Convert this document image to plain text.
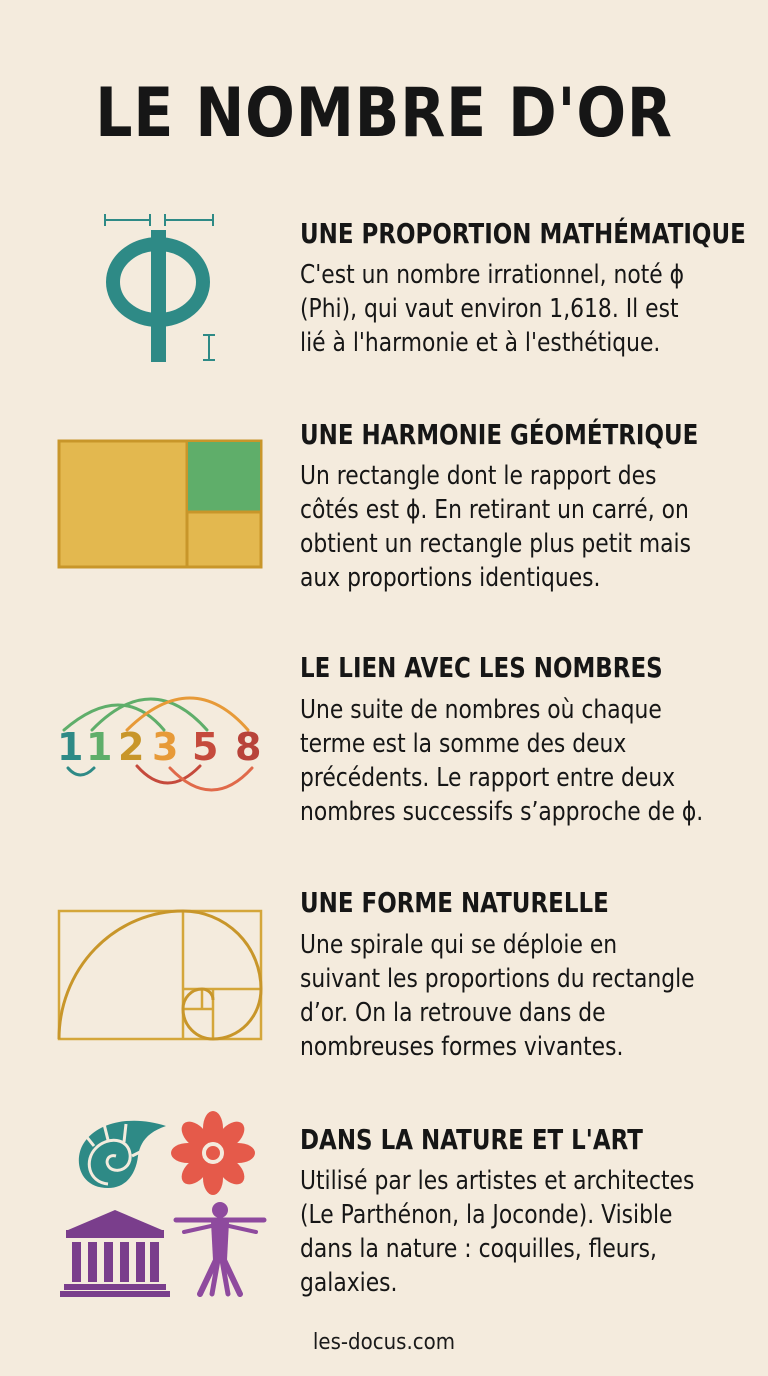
LE NOMBRE D'OR
UNE PROPORTION MATHÉMATIQUE
C'est un nombre irrationnel, noté ϕ
(Phi), qui vaut environ 1,618. Il est
lié à l'harmonie et à l'esthétique.
UNE HARMONIE GÉOMÉTRIQUE
Un rectangle dont le rapport des
côtés est ϕ. En retirant un carré, on
obtient un rectangle plus petit mais
aux proportions identiques.
1 1 2 3 5 8
LE LIEN AVEC LES NOMBRES
Une suite de nombres où chaque
terme est la somme des deux
précédents. Le rapport entre deux
nombres successifs s’approche de ϕ.
UNE FORME NATURELLE
Une spirale qui se déploie en
suivant les proportions du rectangle
d’or. On la retrouve dans de
nombreuses formes vivantes.
DANS LA NATURE ET L'ART
Utilisé par les artistes et architectes
(Le Parthénon, la Joconde). Visible
dans la nature : coquilles, fleurs,
galaxies.
les-docus.com
